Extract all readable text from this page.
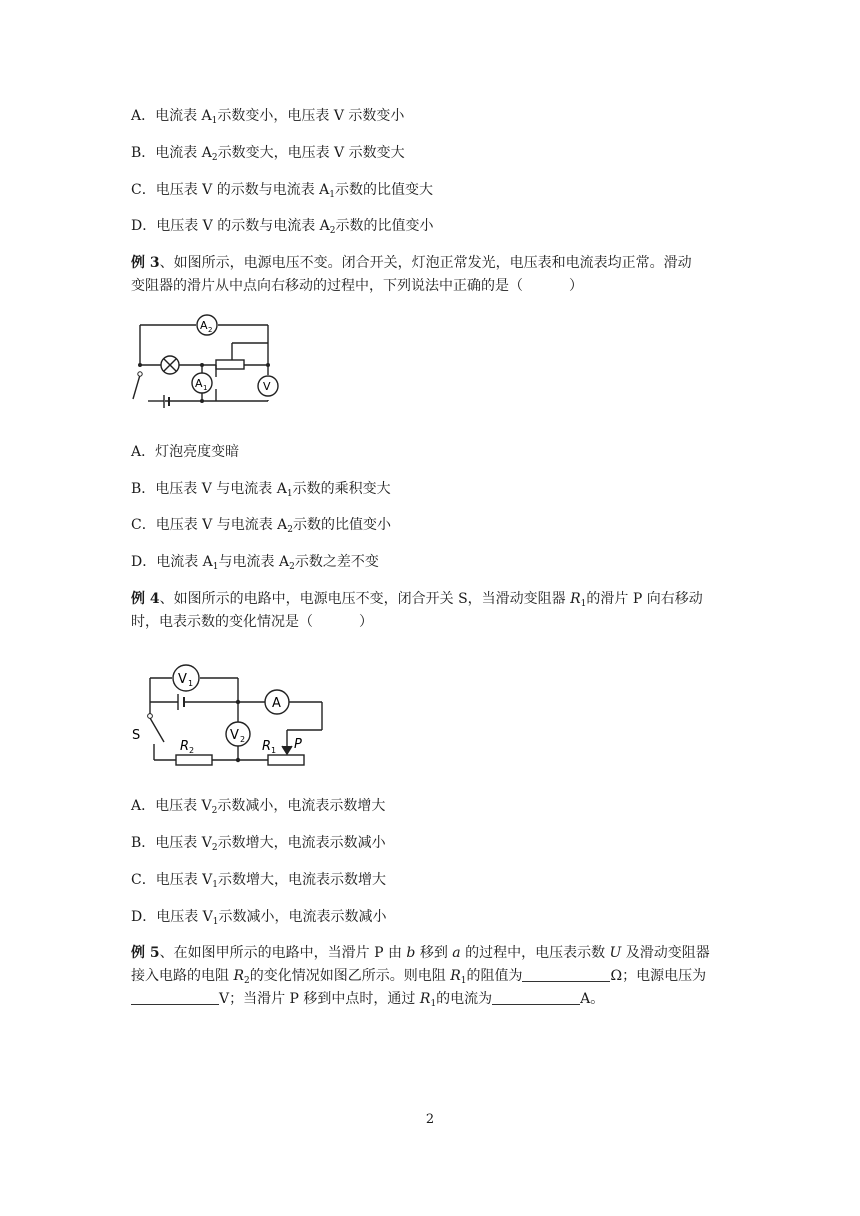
A．电流表 $A_1$示数变小，电压表 V 示数变小
B．电流表 $A_2$示数变大，电压表 V 示数变大
C．电压表 V 的示数与电流表 $A_1$示数的比值变大
D．电压表 V 的示数与电流表 $A_2$示数的比值变小
例 3、如图所示，电源电压不变。闭合开关，灯泡正常发光，电压表和电流表均正常。滑动
变阻器的滑片从中点向右移动的过程中，下列说法中正确的是（	）
A 2
A 1	V
A．灯泡亮度变暗
B．电压表 V 与电流表 $A_1$示数的乘积变大
C．电压表 V 与电流表 $A_2$示数的比值变小
D．电流表 $A_1$与电流表 $A_2$示数之差不变
例 4、如图所示的电路中，电源电压不变，闭合开关 S，当滑动变阻器 $R_1$的滑片 P 向右移动
时，电表示数的变化情况是（	）
V 1
A
V 2
S
R 2	R 1 P
A．电压表 $V_2$示数减小，电流表示数增大
B．电压表 $V_2$示数增大，电流表示数减小
C．电压表 $V_1$示数增大，电流表示数增大
D．电压表 $V_1$示数减小，电流表示数减小
例 5、在如图甲所示的电路中，当滑片 P 由 b 移到 a 的过程中，电压表示数 U 及滑动变阻器
接入电路的电阻 $R_2$的变化情况如图乙所示。则电阻 $R_1$的阻值为	Ω；电源电压为
V；当滑片 P 移到中点时，通过 $R_1$的电流为	A。
2
